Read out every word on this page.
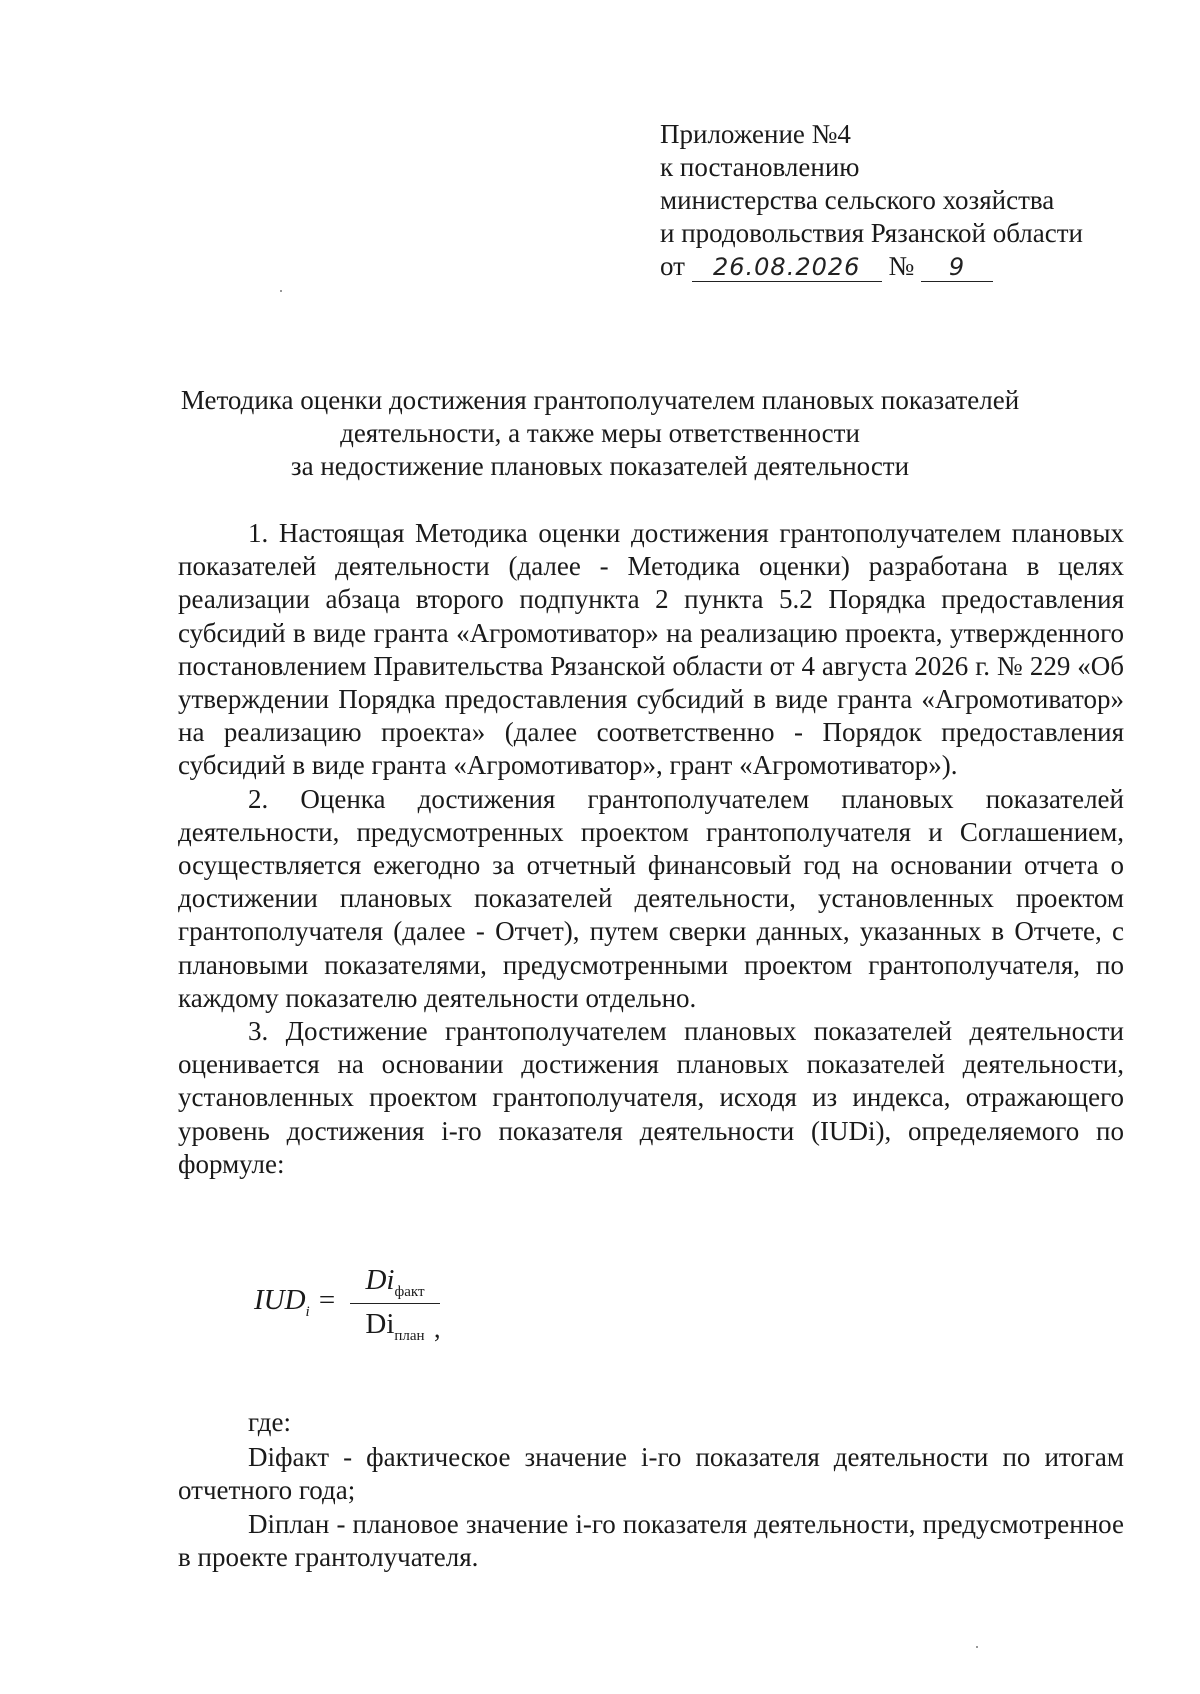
Приложение №4
к постановлению
министерства сельского хозяйства
и продовольствия Рязанской области
от 26.08.2026 № 9
Методика оценки достижения грантополучателем плановых показателей
деятельности, а также меры ответственности
за недостижение плановых показателей деятельности

1. Настоящая Методика оценки достижения грантополучателем плановых показателей деятельности (далее - Методика оценки) разработана в целях реализации абзаца второго подпункта 2 пункта 5.2 Порядка предоставления субсидий в виде гранта «Агромотиватор» на реализацию проекта, утвержденного постановлением Правительства Рязанской области от 4 августа 2026 г. № 229 «Об утверждении Порядка предоставления субсидий в виде гранта «Агромотиватор» на реализацию проекта» (далее соответственно - Порядок предоставления субсидий в виде гранта «Агромотиватор», грант «Агромотиватор»).

2. Оценка достижения грантополучателем плановых показателей деятельности, предусмотренных проектом грантополучателя и Соглашением, осуществляется ежегодно за отчетный финансовый год на основании отчета о достижении плановых показателей деятельности, установленных проектом грантополучателя (далее - Отчет), путем сверки данных, указанных в Отчете, с плановыми показателями, предусмотренными проектом грантополучателя, по каждому показателю деятельности отдельно.

3. Достижение грантополучателем плановых показателей деятельности оценивается на основании достижения плановых показателей деятельности, установленных проектом грантополучателя, исходя из индекса, отражающего уровень достижения i-го показателя деятельности (IUDi), определяемого по формуле:

$IUD_i$ =
$Di_{факт}$
$Di_{план}$ ,

где:

Diфакт - фактическое значение i-го показателя деятельности по итогам отчетного года;

Diплан - плановое значение i-го показателя деятельности, предусмотренное в проекте грантолучателя.
